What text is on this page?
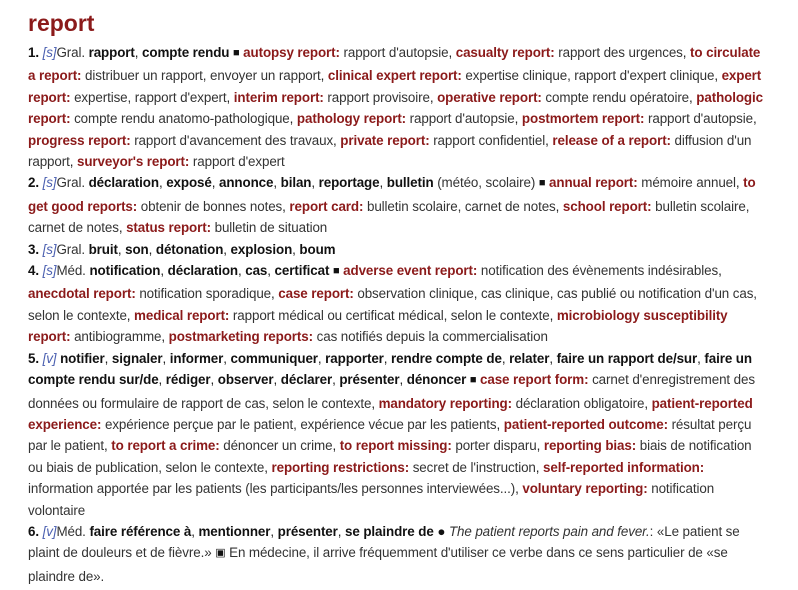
report

1. [s]Gral. rapport, compte rendu ■ autopsy report: rapport d'autopsie, casualty report: rapport des urgences, to circulate a report: distribuer un rapport, envoyer un rapport, clinical expert report: expertise clinique, rapport d'expert clinique, expert report: expertise, rapport d'expert, interim report: rapport provisoire, operative report: compte rendu opératoire, pathologic report: compte rendu anatomo-pathologique, pathology report: rapport d'autopsie, postmortem report: rapport d'autopsie, progress report: rapport d'avancement des travaux, private report: rapport confidentiel, release of a report: diffusion d'un rapport, surveyor's report: rapport d'expert

2. [s]Gral. déclaration, exposé, annonce, bilan, reportage, bulletin (météo, scolaire) ■ annual report: mémoire annuel, to get good reports: obtenir de bonnes notes, report card: bulletin scolaire, carnet de notes, school report: bulletin scolaire, carnet de notes, status report: bulletin de situation

3. [s]Gral. bruit, son, détonation, explosion, boum

4. [s]Méd. notification, déclaration, cas, certificat ■ adverse event report: notification des évènements indésirables, anecdotal report: notification sporadique, case report: observation clinique, cas clinique, cas publié ou notification d'un cas, selon le contexte, medical report: rapport médical ou certificat médical, selon le contexte, microbiology susceptibility report: antibiogramme, postmarketing reports: cas notifiés depuis la commercialisation

5. [v] notifier, signaler, informer, communiquer, rapporter, rendre compte de, relater, faire un rapport de/sur, faire un compte rendu sur/de, rédiger, observer, déclarer, présenter, dénoncer ■ case report form: carnet d'enregistrement des données ou formulaire de rapport de cas, selon le contexte, mandatory reporting: déclaration obligatoire, patient-reported experience: expérience perçue par le patient, expérience vécue par les patients, patient-reported outcome: résultat perçu par le patient, to report a crime: dénoncer un crime, to report missing: porter disparu, reporting bias: biais de notification ou biais de publication, selon le contexte, reporting restrictions: secret de l'instruction, self-reported information: information apportée par les patients (les participants/les personnes interviewées...), voluntary reporting: notification volontaire

6. [v]Méd. faire référence à, mentionner, présenter, se plaindre de ● The patient reports pain and fever.: «Le patient se plaint de douleurs et de fièvre.» ▣ En médecine, il arrive fréquemment d'utiliser ce verbe dans ce sens particulier de «se plaindre de».
